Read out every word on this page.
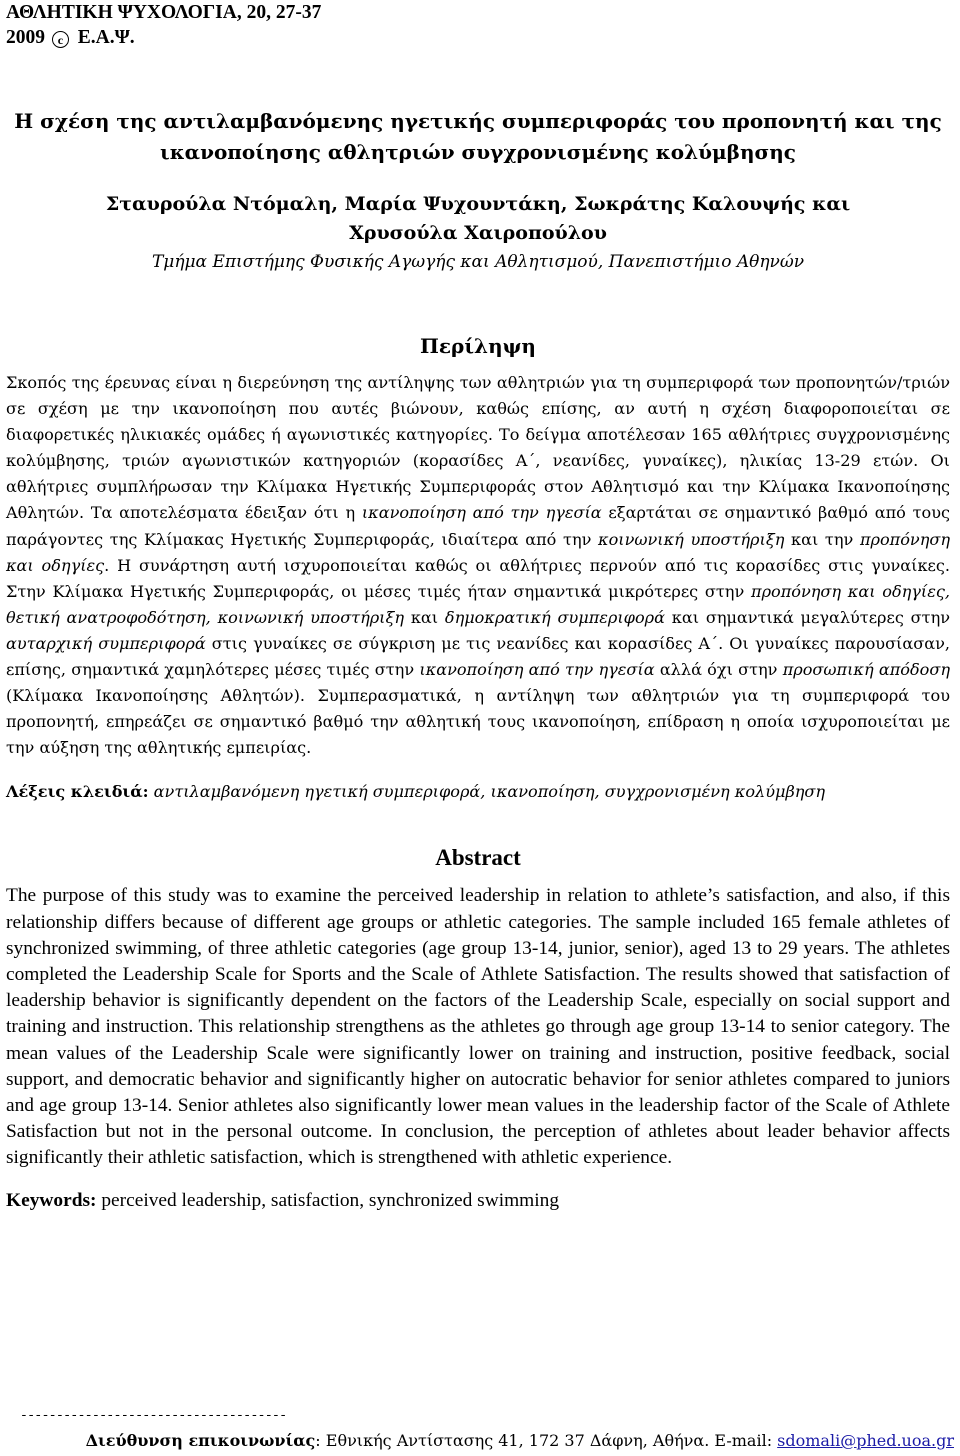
ΑΘΛΗΤΙΚΗ ΨΥΧΟΛΟΓΙΑ, 20, 27-37
2009 c Ε.Α.Ψ.
Η σχέση της αντιλαμβανόμενης ηγετικής συμπεριφοράς του προπονητή και της
ικανοποίησης αθλητριών συγχρονισμένης κολύμβησης
Σταυρούλα Ντόμαλη, Μαρία Ψυχουντάκη, Σωκράτης Καλουψής και
Χρυσούλα Χαιροπούλου
Τμήμα Επιστήμης Φυσικής Αγωγής και Αθλητισμού, Πανεπιστήμιο Αθηνών
Περίληψη
Σκοπός της έρευνας είναι η διερεύνηση της αντίληψης των αθλητριών για τη συμπεριφορά των προπονητών/τριών σε σχέση με την ικανοποίηση που αυτές βιώνουν, καθώς επίσης, αν αυτή η σχέση διαφοροποιείται σε διαφορετικές ηλικιακές ομάδες ή αγωνιστικές κατηγορίες. Το δείγμα αποτέλεσαν 165 αθλήτριες συγχρονισμένης κολύμβησης, τριών αγωνιστικών κατηγοριών (κορασίδες Α΄, νεανίδες, γυναίκες), ηλικίας 13-29 ετών. Οι αθλήτριες συμπλήρωσαν την Κλίμακα Ηγετικής Συμπεριφοράς στον Αθλητισμό και την Κλίμακα Ικανοποίησης Αθλητών. Τα αποτελέσματα έδειξαν ότι η ικανοποίηση από την ηγεσία εξαρτάται σε σημαντικό βαθμό από τους παράγοντες της Κλίμακας Ηγετικής Συμπεριφοράς, ιδιαίτερα από την κοινωνική υποστήριξη και την προπόνηση και οδηγίες. Η συνάρτηση αυτή ισχυροποιείται καθώς οι αθλήτριες περνούν από τις κορασίδες στις γυναίκες. Στην Κλίμακα Ηγετικής Συμπεριφοράς, οι μέσες τιμές ήταν σημαντικά μικρότερες στην προπόνηση και οδηγίες, θετική ανατροφοδότηση, κοινωνική υποστήριξη και δημοκρατική συμπεριφορά και σημαντικά μεγαλύτερες στην αυταρχική συμπεριφορά στις γυναίκες σε σύγκριση με τις νεανίδες και κορασίδες Α΄. Οι γυναίκες παρουσίασαν, επίσης, σημαντικά χαμηλότερες μέσες τιμές στην ικανοποίηση από την ηγεσία αλλά όχι στην προσωπική απόδοση (Κλίμακα Ικανοποίησης Αθλητών). Συμπερασματικά, η αντίληψη των αθλητριών για τη συμπεριφορά του προπονητή, επηρεάζει σε σημαντικό βαθμό την αθλητική τους ικανοποίηση, επίδραση η οποία ισχυροποιείται με την αύξηση της αθλητικής εμπειρίας.
Λέξεις κλειδιά: αντιλαμβανόμενη ηγετική συμπεριφορά, ικανοποίηση, συγχρονισμένη κολύμβηση
Abstract
The purpose of this study was to examine the perceived leadership in relation to athlete’s satisfaction, and also, if this relationship differs because of different age groups or athletic categories. The sample included 165 female athletes of synchronized swimming, of three athletic categories (age group 13-14, junior, senior), aged 13 to 29 years. The athletes completed the Leadership Scale for Sports and the Scale of Athlete Satisfaction. The results showed that satisfaction of leadership behavior is significantly dependent on the factors of the Leadership Scale, especially on social support and training and instruction. This relationship strengthens as the athletes go through age group 13-14 to senior category. The mean values of the Leadership Scale were significantly lower on training and instruction, positive feedback, social support, and democratic behavior and significantly higher on autocratic behavior for senior athletes compared to juniors and age group 13-14. Senior athletes also significantly lower mean values in the leadership factor of the Scale of Athlete Satisfaction but not in the personal outcome. In conclusion, the perception of athletes about leader behavior affects significantly their athletic satisfaction, which is strengthened with athletic experience.
Keywords: perceived leadership, satisfaction, synchronized swimming
-------------------------------------
Διεύθυνση επικοινωνίας: Εθνικής Αντίστασης 41, 172 37 Δάφνη, Αθήνα. E-mail: sdomali@phed.uoa.gr
